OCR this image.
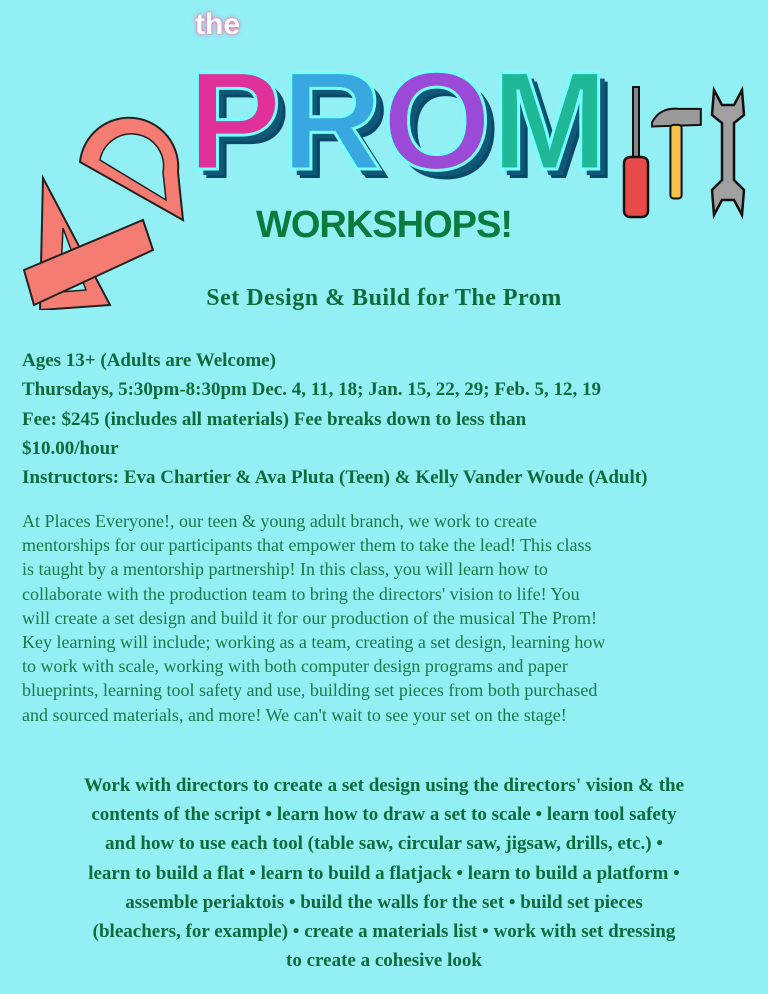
the
P R O M
WORKSHOPS!
Set Design & Build for The Prom
Ages 13+ (Adults are Welcome)
Thursdays, 5:30pm-8:30pm Dec. 4, 11, 18; Jan. 15, 22, 29; Feb. 5, 12, 19
Fee: $245 (includes all materials) Fee breaks down to less than
$10.00/hour
Instructors: Eva Chartier & Ava Pluta (Teen) & Kelly Vander Woude (Adult)
At Places Everyone!, our teen & young adult branch, we work to create
mentorships for our participants that empower them to take the lead! This class
is taught by a mentorship partnership! In this class, you will learn how to
collaborate with the production team to bring the directors' vision to life! You
will create a set design and build it for our production of the musical The Prom!
Key learning will include; working as a team, creating a set design, learning how
to work with scale, working with both computer design programs and paper
blueprints, learning tool safety and use, building set pieces from both purchased
and sourced materials, and more! We can't wait to see your set on the stage!
Work with directors to create a set design using the directors' vision & the
contents of the script • learn how to draw a set to scale • learn tool safety
and how to use each tool (table saw, circular saw, jigsaw, drills, etc.) •
learn to build a flat • learn to build a flatjack • learn to build a platform •
assemble periaktois • build the walls for the set • build set pieces
(bleachers, for example) • create a materials list • work with set dressing
to create a cohesive look
